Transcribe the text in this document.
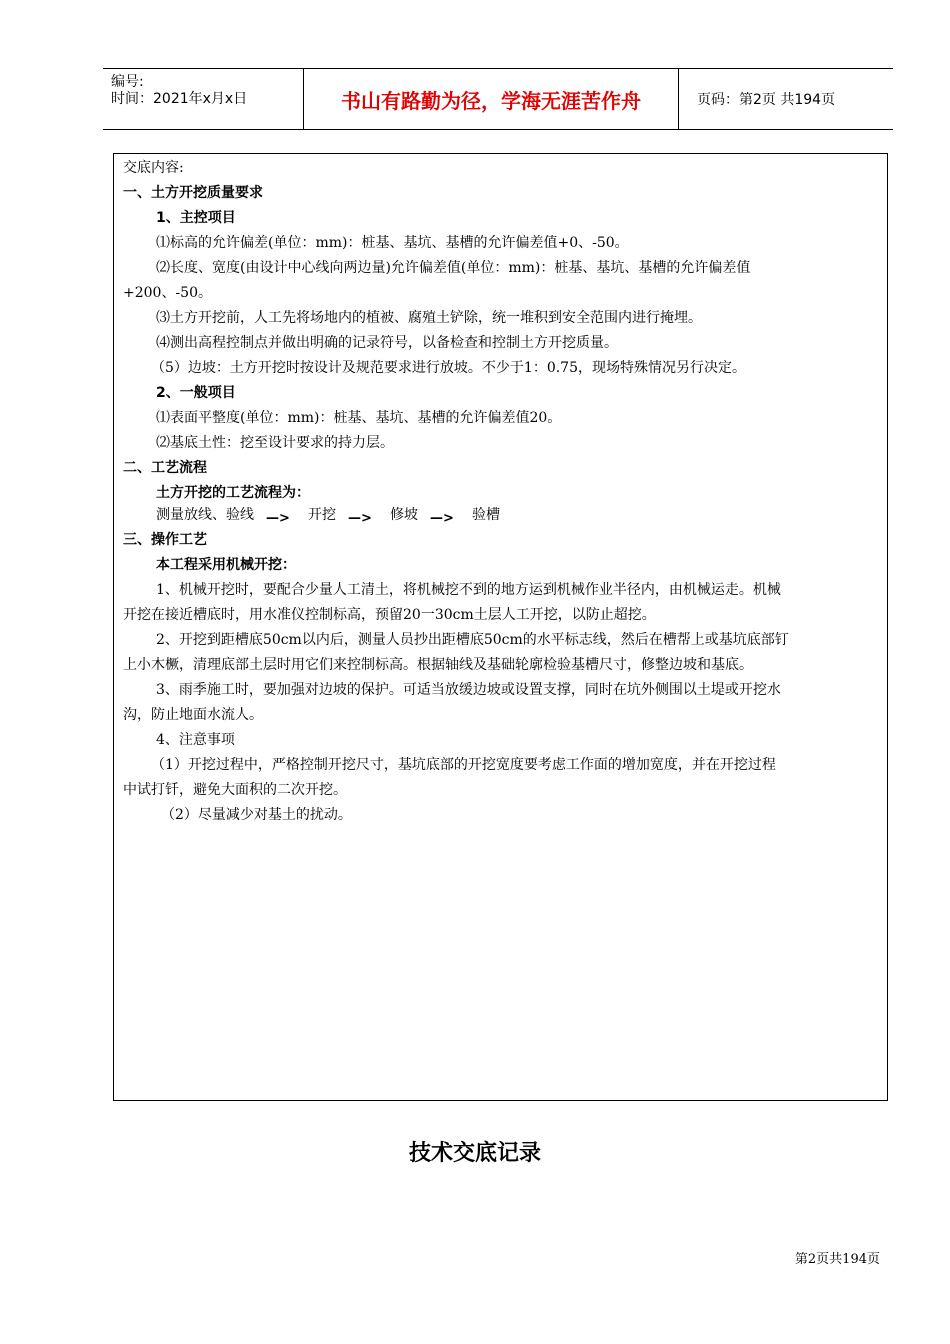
编号:
时间：2021年x月x日	书山有路勤为径，学海无涯苦作舟	页码：第2页 共194页
交底内容:
一、土方开挖质量要求
1、主控项目
⑴标高的允许偏差(单位：mm)：桩基、基坑、基槽的允许偏差值+0、-50。
⑵长度、宽度(由设计中心线向两边量)允许偏差值(单位：mm)：桩基、基坑、基槽的允许偏差值
+200、-50。
⑶土方开挖前，人工先将场地内的植被、腐殖土铲除，统一堆积到安全范围内进行掩埋。
⑷测出高程控制点并做出明确的记录符号，以备检查和控制土方开挖质量。
（5）边坡：土方开挖时按设计及规范要求进行放坡。不少于1：0.75，现场特殊情况另行决定。
2、一般项目
⑴表面平整度(单位：mm)：桩基、基坑、基槽的允许偏差值20。
⑵基底土性：挖至设计要求的持力层。
二、工艺流程
土方开挖的工艺流程为：
测量放线、验线 —>	开挖 —>	修坡 —>	验槽
三、操作工艺
本工程采用机械开挖：
1、机械开挖时，要配合少量人工清土，将机械挖不到的地方运到机械作业半径内，由机械运走。机械
开挖在接近槽底时，用水准仪控制标高，预留20一30cm土层人工开挖，以防止超挖。
2、开挖到距槽底50cm以内后，测量人员抄出距槽底50cm的水平标志线，然后在槽帮上或基坑底部钉
上小木橛，清理底部土层时用它们来控制标高。根据轴线及基础轮廓检验基槽尺寸，修整边坡和基底。
3、雨季施工时，要加强对边坡的保护。可适当放缓边坡或设置支撑，同时在坑外侧围以土堤或开挖水
沟，防止地面水流人。
4、注意事项
（1）开挖过程中，严格控制开挖尺寸，基坑底部的开挖宽度要考虑工作面的增加宽度，并在开挖过程
中试打钎，避免大面积的二次开挖。
（2）尽量减少对基土的扰动。
技术交底记录
第2页共194页
